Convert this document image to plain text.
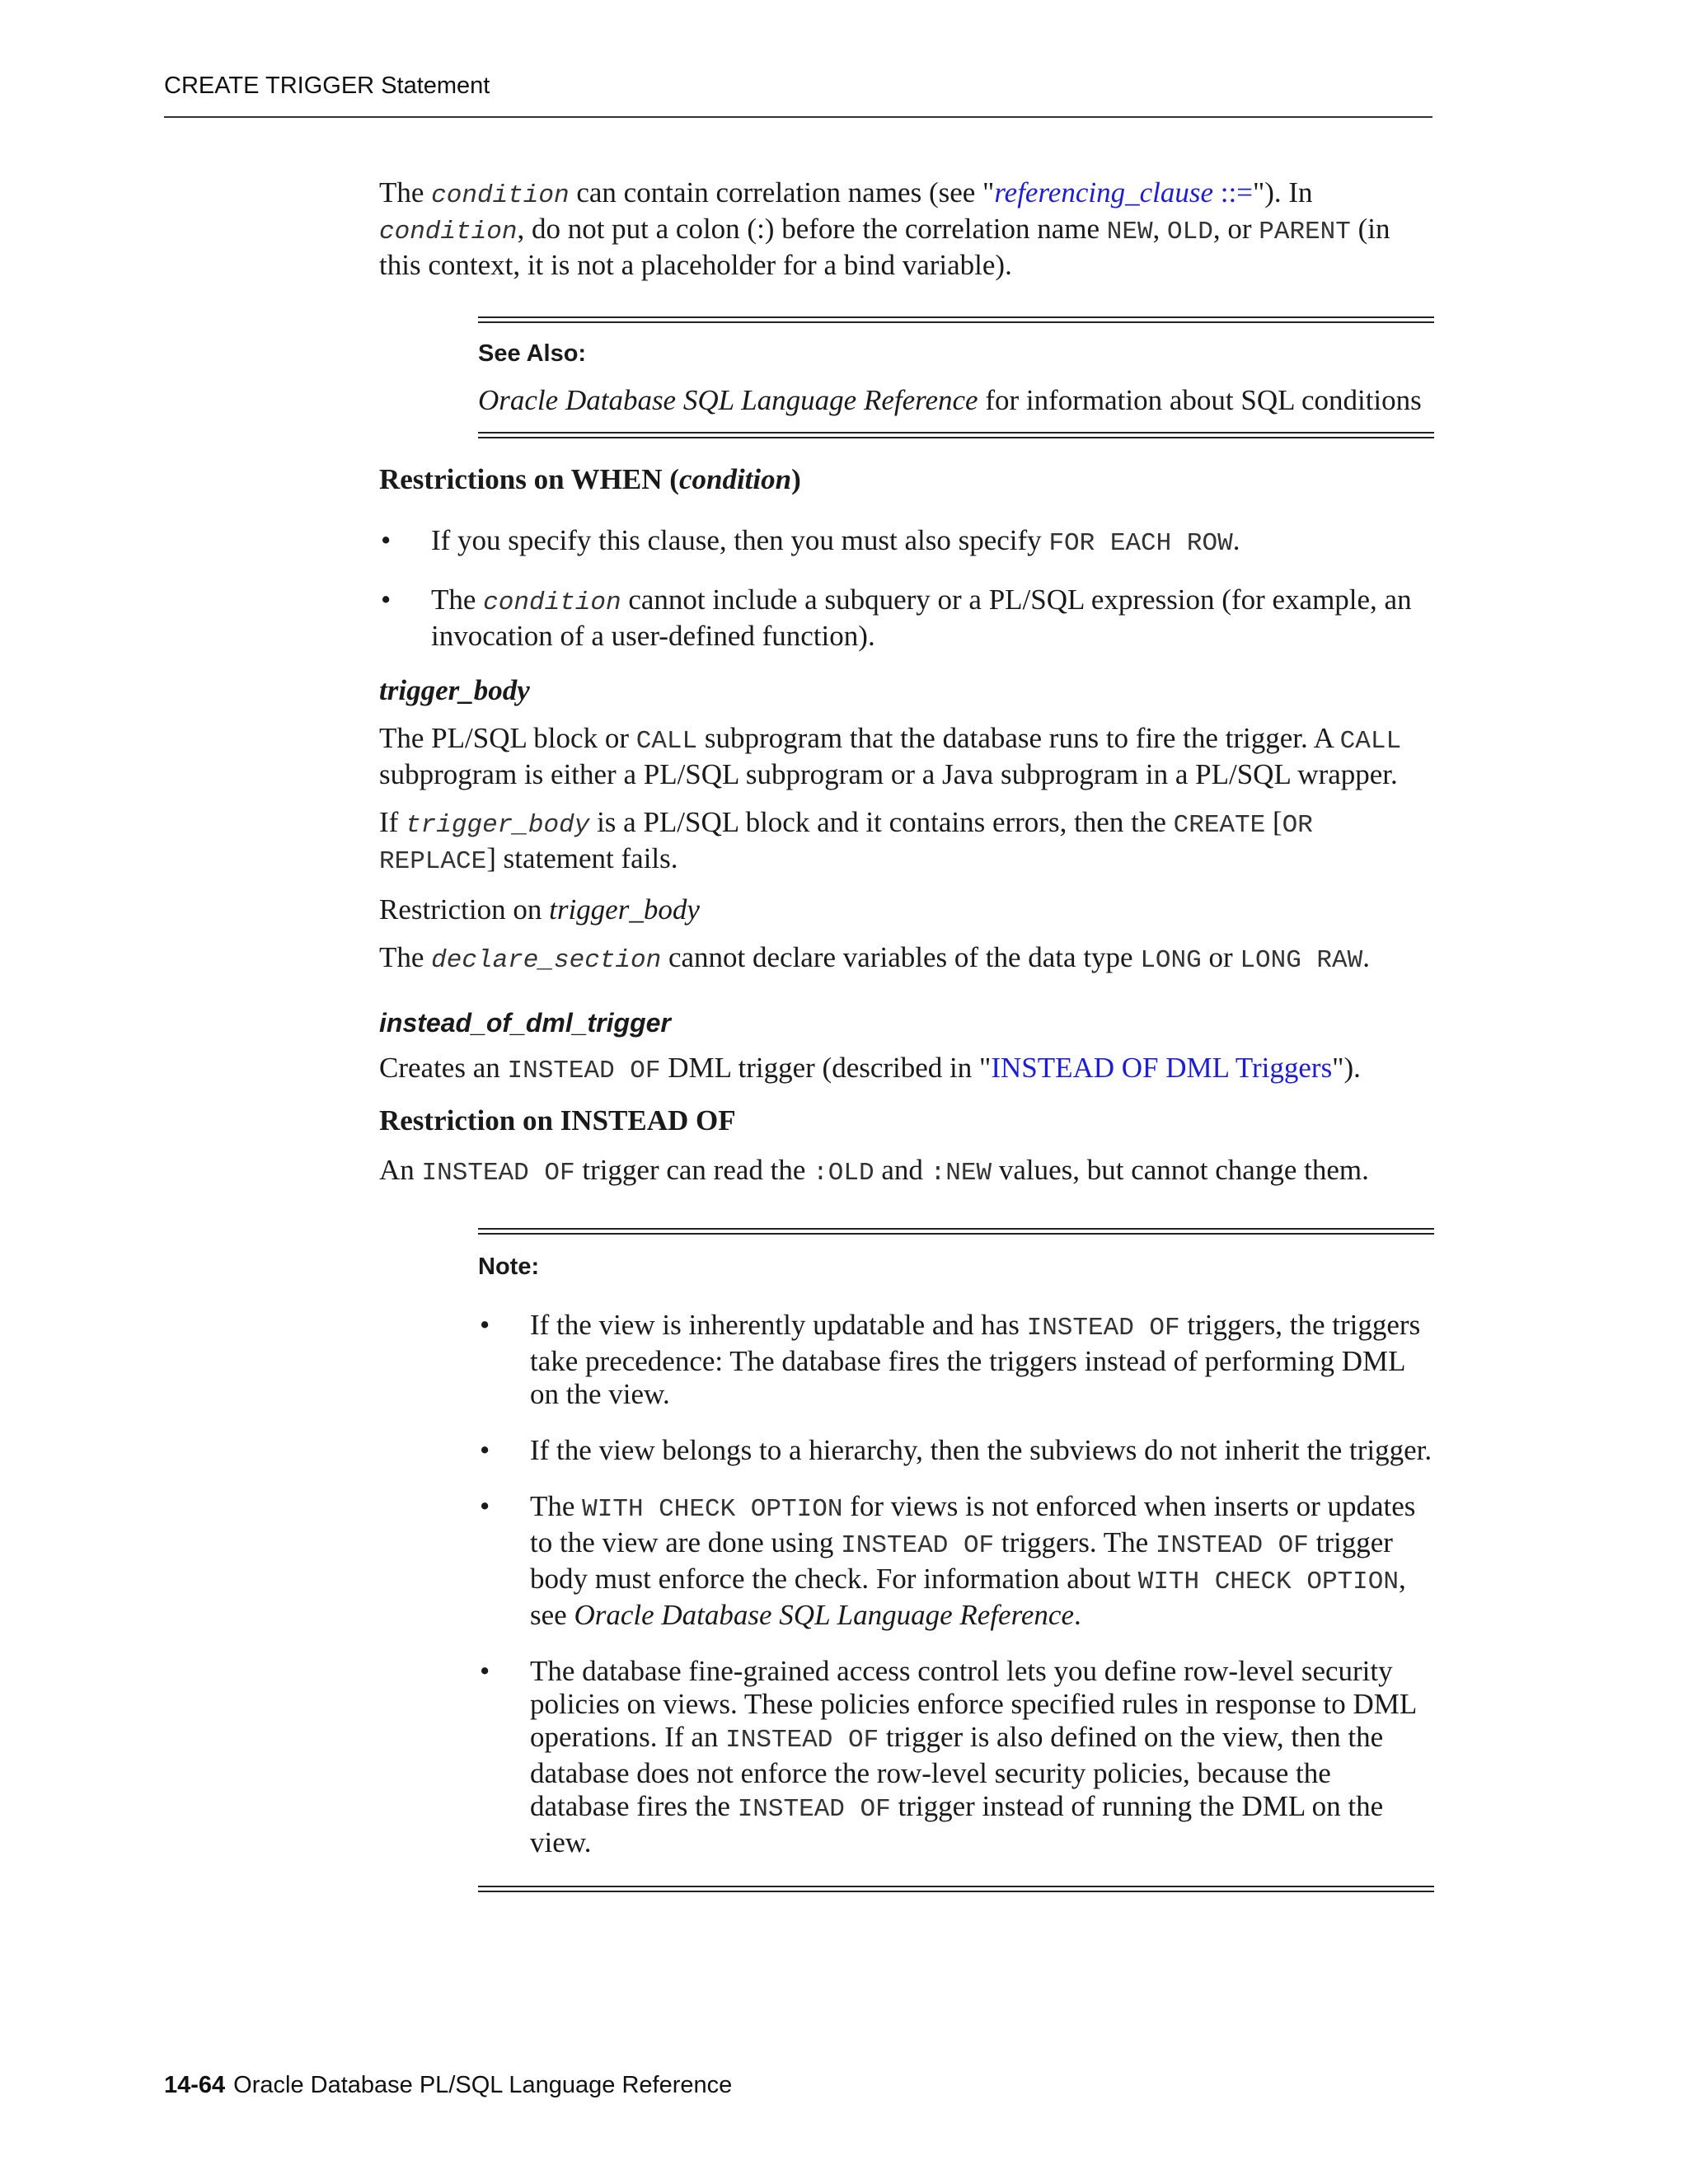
CREATE TRIGGER Statement

The condition can contain correlation names (see "referencing_clause ::="). In condition, do not put a colon (:) before the correlation name NEW, OLD, or PARENT (in this context, it is not a placeholder for a bind variable).

See Also:

Oracle Database SQL Language Reference for information about SQL conditions

Restrictions on WHEN (condition)

• If you specify this clause, then you must also specify FOR EACH ROW.
• The condition cannot include a subquery or a PL/SQL expression (for example, an invocation of a user-defined function).

trigger_body

The PL/SQL block or CALL subprogram that the database runs to fire the trigger. A CALL subprogram is either a PL/SQL subprogram or a Java subprogram in a PL/SQL wrapper.

If trigger_body is a PL/SQL block and it contains errors, then the CREATE [OR REPLACE] statement fails.

Restriction on trigger_body

The declare_section cannot declare variables of the data type LONG or LONG RAW.

instead_of_dml_trigger

Creates an INSTEAD OF DML trigger (described in "INSTEAD OF DML Triggers").

Restriction on INSTEAD OF

An INSTEAD OF trigger can read the :OLD and :NEW values, but cannot change them.

Note:
• If the view is inherently updatable and has INSTEAD OF triggers, the triggers take precedence: The database fires the triggers instead of performing DML on the view.
• If the view belongs to a hierarchy, then the subviews do not inherit the trigger.
• The WITH CHECK OPTION for views is not enforced when inserts or updates to the view are done using INSTEAD OF triggers. The INSTEAD OF trigger body must enforce the check. For information about WITH CHECK OPTION, see Oracle Database SQL Language Reference.
• The database fine-grained access control lets you define row-level security policies on views. These policies enforce specified rules in response to DML operations. If an INSTEAD OF trigger is also defined on the view, then the database does not enforce the row-level security policies, because the database fires the INSTEAD OF trigger instead of running the DML on the view.
14-64 Oracle Database PL/SQL Language Reference
